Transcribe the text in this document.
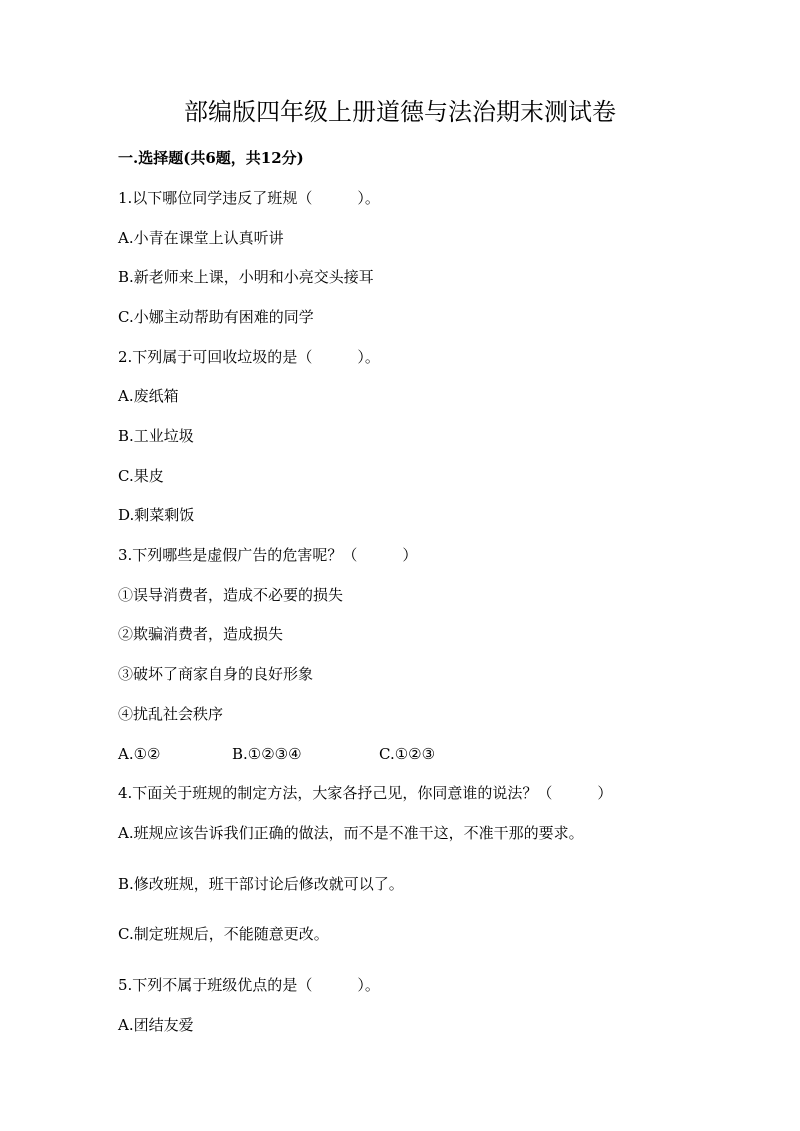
部编版四年级上册道德与法治期末测试卷
一.选择题(共6题，共12分)
1.以下哪位同学违反了班规（　　　）。
A.小青在课堂上认真听讲
B.新老师来上课，小明和小亮交头接耳
C.小娜主动帮助有困难的同学
2.下列属于可回收垃圾的是（　　　）。
A.废纸箱
B.工业垃圾
C.果皮
D.剩菜剩饭
3.下列哪些是虚假广告的危害呢？（　　　）
①误导消费者，造成不必要的损失
②欺骗消费者，造成损失
③破坏了商家自身的良好形象
④扰乱社会秩序
A.①②	B.①②③④	C.①②③
4.下面关于班规的制定方法，大家各抒己见，你同意谁的说法？（　　　）
A.班规应该告诉我们正确的做法，而不是不准干这，不准干那的要求。
B.修改班规，班干部讨论后修改就可以了。
C.制定班规后，不能随意更改。
5.下列不属于班级优点的是（　　　）。
A.团结友爱
